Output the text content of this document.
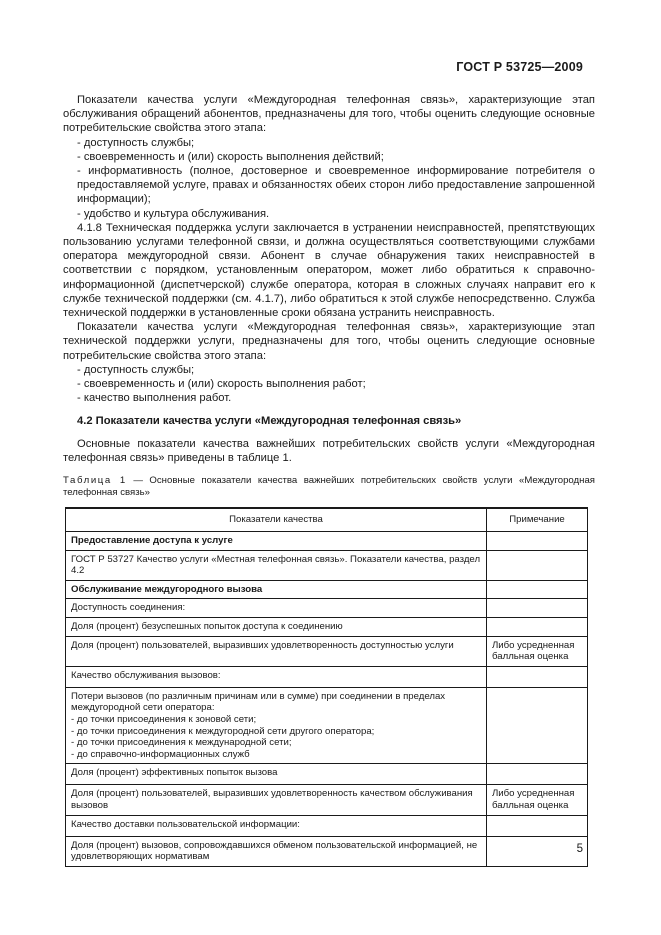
ГОСТ Р 53725—2009

Показатели качества услуги «Междугородная телефонная связь», характеризующие этап обслуживания обращений абонентов, предназначены для того, чтобы оценить следующие основные потребительские свойства этого этапа:

- доступность службы;

- своевременность и (или) скорость выполнения действий;

- информативность (полное, достоверное и своевременное информирование потребителя о предоставляемой услуге, правах и обязанностях обеих сторон либо предоставление запрошенной информации);

- удобство и культура обслуживания.

4.1.8 Техническая поддержка услуги заключается в устранении неисправностей, препятствующих пользованию услугами телефонной связи, и должна осуществляться соответствующими службами оператора междугородной связи. Абонент в случае обнаружения таких неисправностей в соответствии с порядком, установленным оператором, может либо обратиться к справочно-информационной (диспетчерской) службе оператора, которая в сложных случаях направит его к службе технической поддержки (см. 4.1.7), либо обратиться к этой службе непосредственно. Служба технической поддержки в установленные сроки обязана устранить неисправность.

Показатели качества услуги «Междугородная телефонная связь», характеризующие этап технической поддержки услуги, предназначены для того, чтобы оценить следующие основные потребительские свойства этого этапа:

- доступность службы;

- своевременность и (или) скорость выполнения работ;

- качество выполнения работ.

4.2 Показатели качества услуги «Междугородная телефонная связь»

Основные показатели качества важнейших потребительских свойств услуги «Междугородная телефонная связь» приведены в таблице 1.

Таблица 1 — Основные показатели качества важнейших потребительских свойств услуги «Междугородная телефонная связь»

Показатели качества	Примечание
Предоставление доступа к услуге	
ГОСТ Р 53727 Качество услуги «Местная телефонная связь». Показатели качества, раздел 4.2	
Обслуживание междугородного вызова	
Доступность соединения:	
Доля (процент) безуспешных попыток доступа к соединению	
Доля (процент) пользователей, выразивших удовлетворенность доступностью услуги	Либо усредненная балльная оценка
Качество обслуживания вызовов:	

Потери вызовов (по различным причинам или в сумме) при соединении в пределах междугородной сети оператора:
- до точки присоединения к зоновой сети;
- до точки присоединения к междугородной сети другого оператора;
- до точки присоединения к международной сети;
- до справочно-информационных служб	

Доля (процент) эффективных попыток вызова	
Доля (процент) пользователей, выразивших удовлетворенность качеством обслуживания вызовов	Либо усредненная балльная оценка
Качество доставки пользовательской информации:	
Доля (процент) вызовов, сопровождавшихся обменом пользовательской информацией, не удовлетворяющих нормативам	
5
